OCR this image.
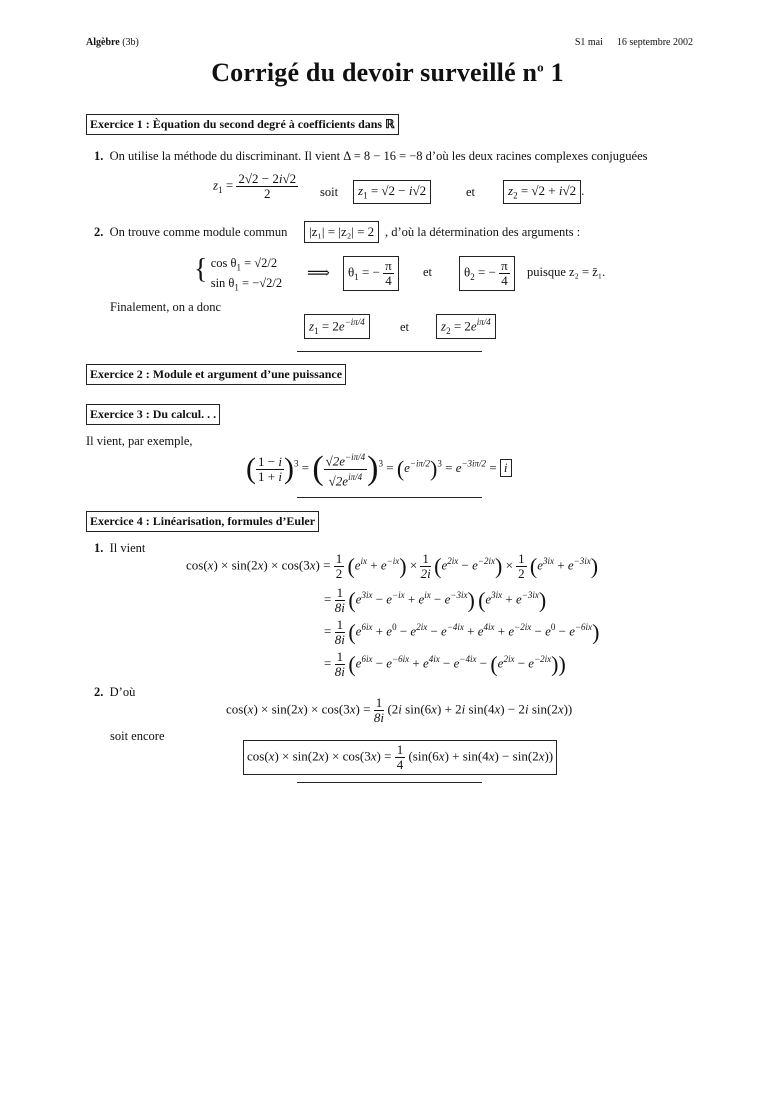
Algèbre (3b)	S1 mai 16 septembre 2002
Corrigé du devoir surveillé $n^o$ 1
Exercice 1 : Èquation du second degré à coefficients dans ℝ
1. On utilise la méthode du discriminant. Il vient Δ = 8 − 16 = −8 d’où les deux racines complexes conjuguées
$z_1 = \frac{2√2 - 2i√2}{2}$ soit	$z_1 = √2 - i√2$	et	$z_2 = √2 + i√2$ .
2. On trouve comme module commun	|z₁| = |z₂| = 2 , d’où la détermination des arguments :
{ $\cos \theta_1 = √2/2$
$\sin \theta_1 = -√2/2$
⟹	$\theta_1$ = − $\frac{\pi}{4}$ et	$\theta_2$ = − $\frac{\pi}{4}$ puisque z₂ = z̄₁.
Finalement, on a donc
$z_1 = 2e^{-i\pi/4}$	et	$z_2 = 2e^{i\pi/4}$
Exercice 2 : Module et argument d’une puissance
Exercice 3 : Du calcul. . .
Il vient, par exemple,
( $\frac{1 - i}{1 + i} )^3$ = ( $\frac{√2e^{-i\pi/4}}{√2e^{i\pi/4}} )^3 = (e^{-i\pi/2})^3 = e^{-3i\pi/2} = i$
Exercice 4 : Linéarisation, formules d’Euler
1. Il vient
$\cos(x) \times \sin(2x) \times \cos(3x) = \frac{1}{2} (e^{ix} + e^{-ix}) \times \frac{1}{2i} (e^{2ix} - e^{-2ix}) \times \frac{1}{2} (e^{3ix} + e^{-3ix})$
= $\frac{1}{8i} (e^{3ix} - e^{-ix} + e^{ix} - e^{-3ix}) (e^{3ix} + e^{-3ix})$
= $\frac{1}{8i} (e^{6ix} + e^0 - e^{2ix} - e^{-4ix} + e^{4ix} + e^{-2ix} - e^0 - e^{-6ix})$
= $\frac{1}{8i} (e^{6ix} - e^{-6ix} + e^{4ix} - e^{-4ix} - (e^{2ix} - e^{-2ix}))$
2. D’où
$\cos(x) \times \sin(2x) \times \cos(3x) = \frac{1}{8i} (2i$ sin(6x) + 2i sin(4x) − 2i sin(2x))
soit encore
$\cos(x) \times \sin(2x) \times \cos(3x) = \frac{1}{4} (\sin(6x) + \sin(4x) - \sin(2x))$
